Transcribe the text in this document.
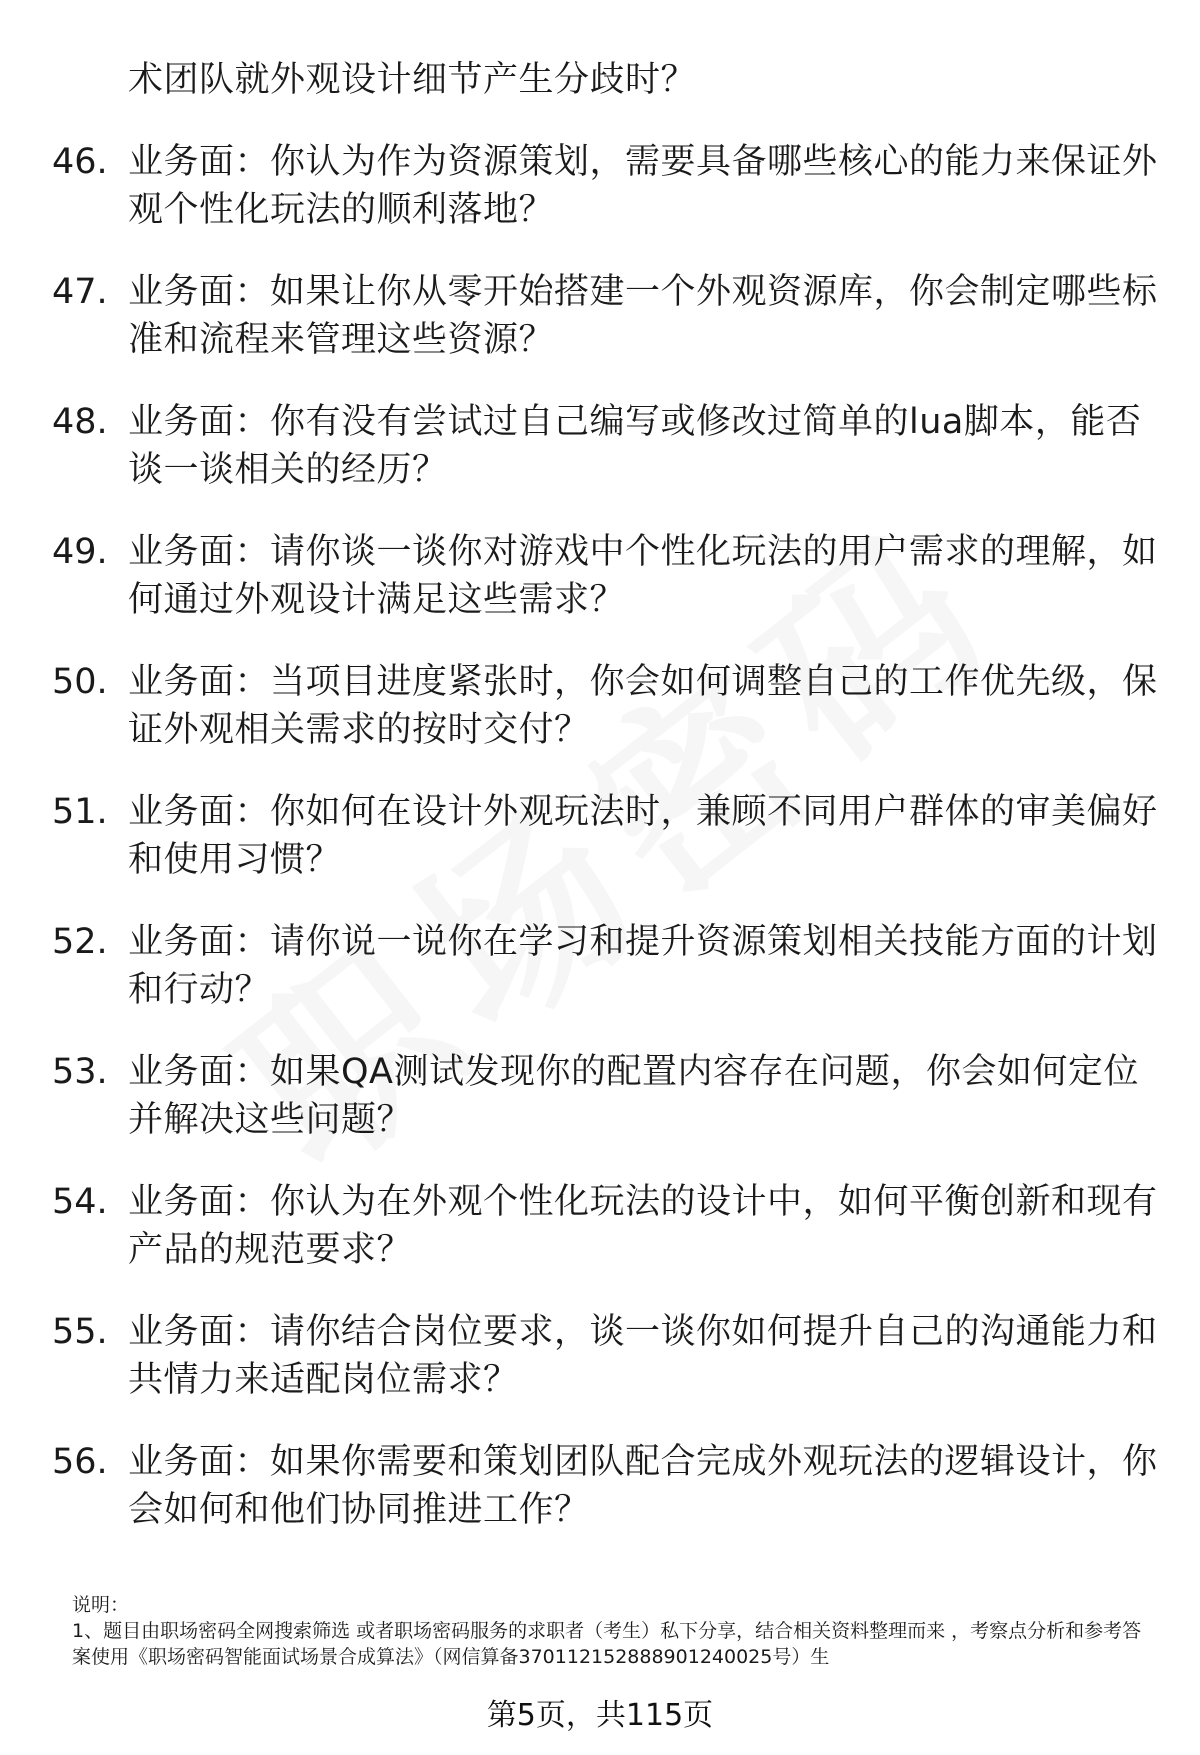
术团队就外观设计细节产生分歧时？
46. 业务面：你认为作为资源策划，需要具备哪些核心的能力来保证外观个性化玩法的顺利落地？
47. 业务面：如果让你从零开始搭建一个外观资源库，你会制定哪些标准和流程来管理这些资源？
48. 业务面：你有没有尝试过自己编写或修改过简单的lua脚本，能否谈一谈相关的经历？
49. 业务面：请你谈一谈你对游戏中个性化玩法的用户需求的理解，如何通过外观设计满足这些需求？
50. 业务面：当项目进度紧张时，你会如何调整自己的工作优先级，保证外观相关需求的按时交付？
51. 业务面：你如何在设计外观玩法时，兼顾不同用户群体的审美偏好和使用习惯？
52. 业务面：请你说一说你在学习和提升资源策划相关技能方面的计划和行动？
53. 业务面：如果QA测试发现你的配置内容存在问题，你会如何定位并解决这些问题？
54. 业务面：你认为在外观个性化玩法的设计中，如何平衡创新和现有产品的规范要求？
55. 业务面：请你结合岗位要求，谈一谈你如何提升自己的沟通能力和共情力来适配岗位需求？
56. 业务面：如果你需要和策划团队配合完成外观玩法的逻辑设计，你会如何和他们协同推进工作？

说明：

1、题目由职场密码全网搜索筛选 或者职场密码服务的求职者（考生）私下分享，结合相关资料整理而来 ，考察点分析和参考答案使用《职场密码智能面试场景合成算法》（网信算备370112152888901240025号）生

第5页，共115页
